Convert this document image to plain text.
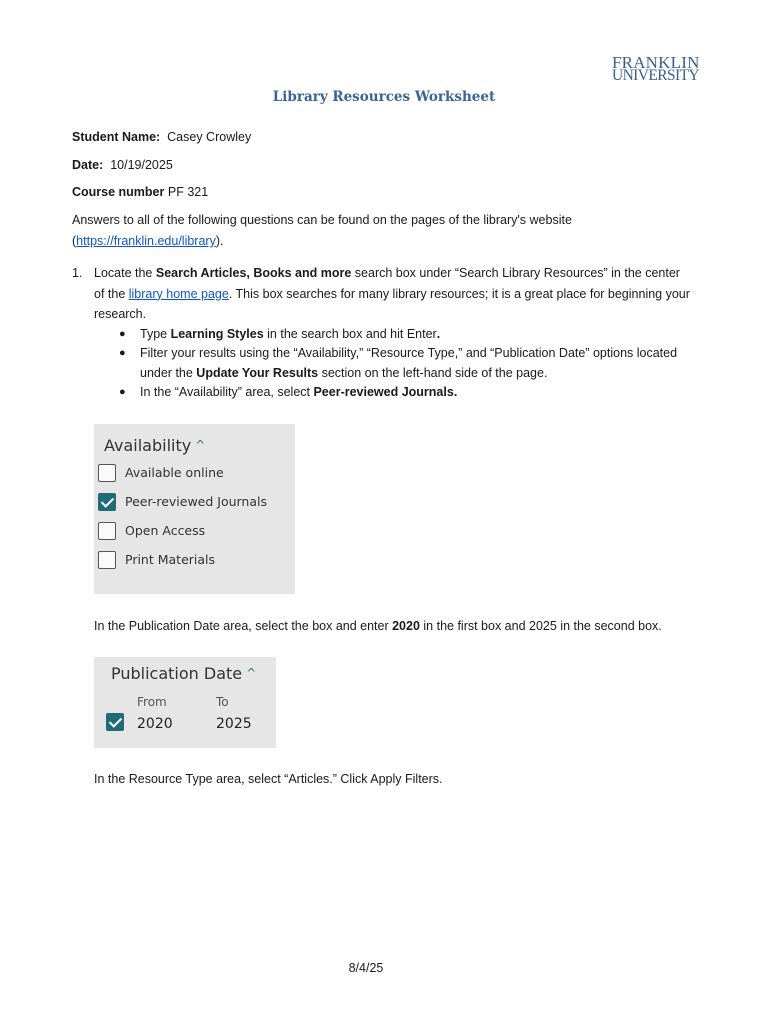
FRANKLIN
UNIVERSITY
Library Resources Worksheet
Student Name: Casey Crowley
Date: 10/19/2025
Course number PF 321
Answers to all of the following questions can be found on the pages of the library's website
(https://franklin.edu/library).
1. Locate the Search Articles, Books and more search box under “Search Library Resources” in the center of the library home page. This box searches for many library resources; it is a great place for beginning your research.
● Type Learning Styles in the search box and hit Enter.
● Filter your results using the “Availability,” “Resource Type,” and “Publication Date” options located under the Update Your Results section on the left-hand side of the page.
● In the “Availability” area, select Peer-reviewed Journals.
Availability ^
Available online
Peer-reviewed Journals
Open Access
Print Materials
In the Publication Date area, select the box and enter 2020 in the first box and 2025 in the second box.
Publication Date ^
From	To
2020	2025
In the Resource Type area, select “Articles.” Click Apply Filters.
8/4/25
